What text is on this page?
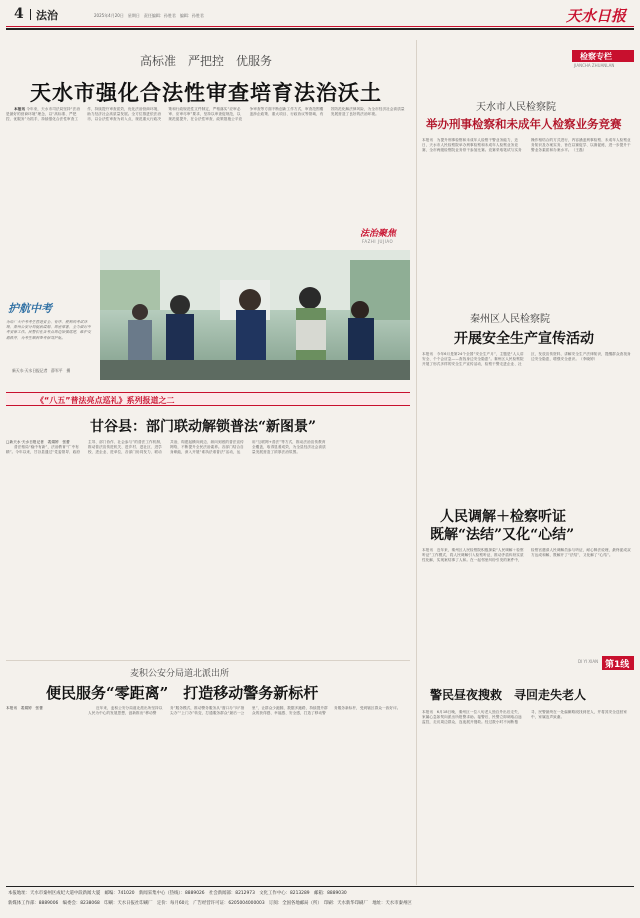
4 法治	2025年4月20日　星期日　责任编辑：孙胜君　编辑：孙胜君	天水日报
高标准　严把控　优服务
天水市强化合法性审查培育法治沃土

本报讯 今年来，天水市司法局坚持“法治是最好的营商环境”理念，以“高标准、严把控、优服务”为抓手，持续强化合法性审查工作，持续提升审查质效，优化法治营商环境，助力经济社会高质量发展。全方位推进依法治市，以合法性审查为切入点，规范重大行政决策和行政规范性文件制定，严格落实“应审必审、应审尽审”要求，坚持以审查促规范，以规范促提升，在合法性审查、政策措施公平竞争审查等方面不断创新工作方式，审查范围覆盖涉企政策、重大项目、行政协议等领域，有效防范化解法律风险，为全市经济社会高质量发展营造了良好的法治环境。

法治聚焦
FAZHI JUJIAO
护航中考
为给广大中考考生营造安全、有序、便利的考试环境，秦州公安分局提前谋划、周密部署，全力做好中考安保工作。民警们在各考点周边加强巡逻，维护交通秩序，为考生顺利参考保驾护航。
新天水·天水日报记者　薛军平　摄
《“八五”普法亮点巡礼》系列报道之二
甘谷县：部门联动解锁普法“新图景”

□新天水·天水日报记者　裴娟婷　张蕾

普法格局“稳中有新”，法治教育“广中有精”。今年以来，甘谷县通过“党委领导、政府主导、部门协作、社会参与”的普法工作机制，推动普法宣传进机关、进乡村、进社区、进学校、进企业、进单位，各部门协同发力、联动共治，构建起横向到边、纵向到底的普法宣传网络，不断提升全民法治素养。各部门结合自身职能，深入开展“谁执法谁普法”活动，运用“互联网+普法”等方式，推动法治宣传教育全覆盖，取得显著成效，为全县经济社会高质量发展营造了浓厚法治氛围。

麦积公安分局道北派出所
便民服务“零距离”　打造移动警务新标杆

本报讯　裴娟婷　张蕾	近年来，麦积公安分局道北派出所坚持以人民为中心的发展思想，创新推出“移动警务”服务模式，推动警务服务从“窗口办”向“指尖办”“上门办”转变，打通服务群众“最后一公里”，让群众少跑腿、数据多跑路，持续提升群众的获得感、幸福感、安全感，打造了移动警务服务新标杆，受到辖区群众一致好评。

检察专栏
JIANCHA ZHUANLAN
天水市人民检察院
举办刑事检察和未成年人检察业务竞赛
本报讯　为提升刑事检察和未成年人检察干警业务能力，近日，天水市人民检察院举办刑事检察和未成年人检察业务竞赛，全市两级检察院业务骨干参加比赛。竞赛采取笔试与实务操作相结合的方式进行，内容涵盖刑事检察、未成年人检察业务知识及办案实务，旨在以赛促学、以赛促练，进一步提升干警业务素质和办案水平。（王磊）
秦州区人民检察院
开展安全生产宣传活动
本报讯　今年6月是第24个全国“安全生产月”，主题是“人人讲安全、个个会应急——查找身边安全隐患”。秦州区人民检察院开展了形式多样的安全生产宣传活动，检察干警走进企业、社区，发放宣传资料，讲解安全生产法律知识，提醒群众查找身边安全隐患，增强安全意识。（李晓婷）
人民调解＋检察听证
既解“法结”又化“心结”
本报讯　近年来，秦州区人民检察院积极探索“人民调解＋检察听证”工作模式，将人民调解引入检察听证，推动矛盾纠纷实质性化解，实现案结事了人和。在一起邻里纠纷引发的案件中，检察官邀请人民调解员参与听证，耐心释法说理，最终促成双方达成和解，既解开了“法结”，又化解了“心结”。
DI YI XIAN 第1线
警民昼夜搜救　寻回走失老人
本报讯　6月18日晚，秦州区一位八旬老人独自外出后走失，家属心急如焚向派出所报警求助。接警后，民警立即调取沿途监控，走访周边群众，连夜展开搜救。经过数小时不间断搜寻，民警最终在一处偏僻路段找到老人，并将其安全送回家中，家属连声致谢。
本报地址：天水市秦州区成纪大道中段新闻大厦　邮编：741020　新闻采集中心（热线）：8889026　社会新闻部：8212973　文化工作中心：8213289　邮箱：8889030
新媒体工作部：8889006　编委会：8238068　印刷：天水日报社印刷厂　定价：每月60元　广告经营许可证：6205004000003　订阅：全国各地邮局（所）　印刷：天水新华印刷厂　地址：天水市秦州区
